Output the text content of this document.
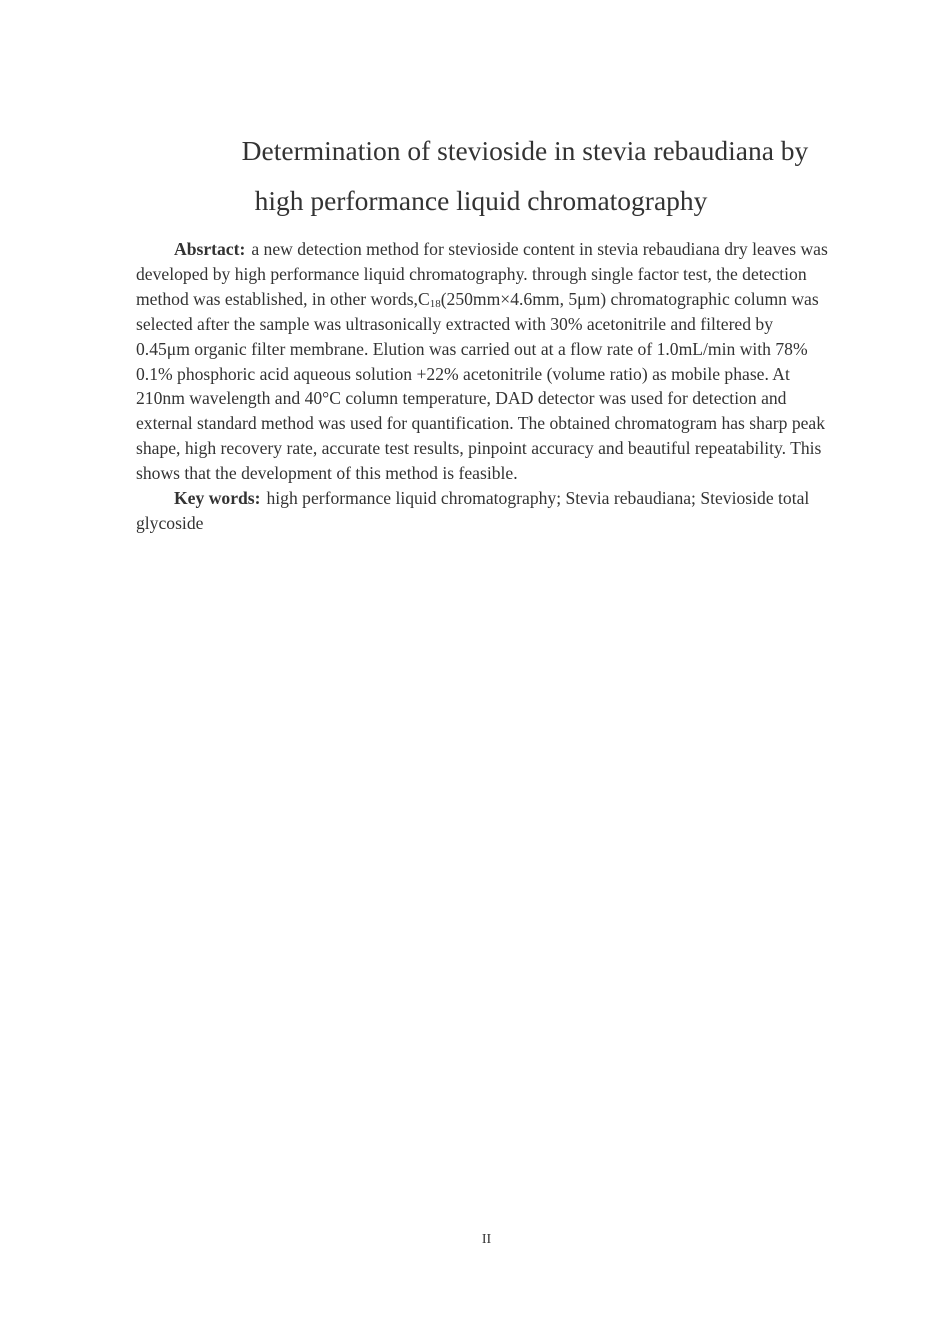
Determination of stevioside in stevia rebaudiana by
high performance liquid chromatography

Absrtact: a new detection method for stevioside content in stevia rebaudiana dry leaves was developed by high performance liquid chromatography. through single factor test, the detection method was established, in other $words,C_{18}(250mm\times 4.6mm$, 5μm) chromatographic column was selected after the sample was ultrasonically extracted with 30% acetonitrile and filtered by 0.45μm organic filter membrane. Elution was carried out at a flow rate of 1.0mL/min with 78% 0.1% phosphoric acid aqueous solution +22% acetonitrile (volume ratio) as mobile phase. At 210nm wavelength and 40°C column temperature, DAD detector was used for detection and external standard method was used for quantification. The obtained chromatogram has sharp peak shape, high recovery rate, accurate test results, pinpoint accuracy and beautiful repeatability. This shows that the development of this method is feasible.

Key words: high performance liquid chromatography; Stevia rebaudiana; Stevioside total glycoside

II
